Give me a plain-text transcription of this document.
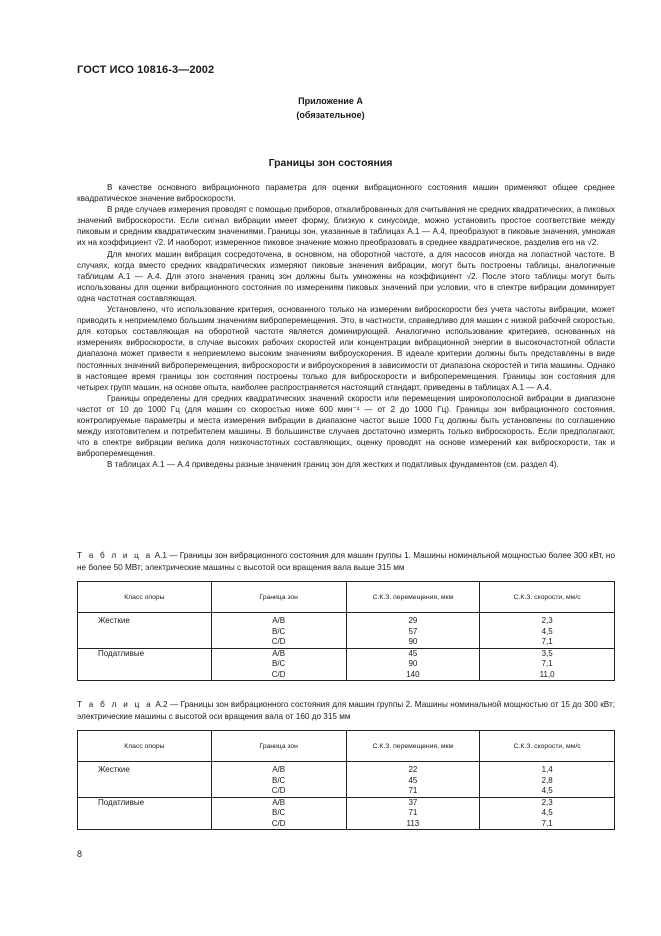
ГОСТ ИСО 10816-3—2002
Приложение А
(обязательное)
Границы зон состояния

В качестве основного вибрационного параметра для оценки вибрационного состояния машин применяют общее среднее квадратическое значение виброскорости.

В ряде случаев измерения проводят с помощью приборов, откалиброванных для считывания не средних квадратических, а пиковых значений виброскорости. Если сигнал вибрации имеет форму, близкую к синусоиде, можно установить простое соответствие между пиковым и средним квадратическим значениями. Границы зон, указанные в таблицах А.1 — А.4, преобразуют в пиковые значения, умножая их на коэффициент √2. И наоборот, измеренное пиковое значение можно преобразовать в среднее квадратическое, разделив его на √2.

Для многих машин вибрация сосредоточена, в основном, на оборотной частоте, а для насосов иногда на лопастной частоте. В случаях, когда вместо средних квадратических измеряют пиковые значения вибрации, могут быть построены таблицы, аналогичные таблицам А.1 — А.4. Для этого значения границ зон должны быть умножены на коэффициент √2. После этого таблицы могут быть использованы для оценки вибрационного состояния по измерениям пиковых значений при условии, что в спектре вибрации доминирует одна частотная составляющая.

Установлено, что использование критерия, основанного только на измерении виброскорости без учета частоты вибрации, может приводить к неприемлемо большим значениям виброперемещения. Это, в частности, справедливо для машин с низкой рабочей скоростью, для которых составляющая на оборотной частоте является доминирующей. Аналогично использование критериев, основанных на измерениях виброскорости, в случае высоких рабочих скоростей или концентрации вибрационной энергии в высокочастотной области диапазона может привести к неприемлемо высоким значениям виброускорения. В идеале критерии должны быть представлены в виде постоянных значений виброперемещения, виброскорости и виброускорения в зависимости от диапазона скоростей и типа машины. Однако в настоящее время границы зон состояния построены только для виброскорости и виброперемещения. Границы зон состояния для четырех групп машин, на основе опыта, наиболее распространяется настоящий стандарт, приведены в таблицах А.1 — А.4.

Границы определены для средних квадратических значений скорости или перемещения широкополосной вибрации в диапазоне частот от 10 до 1000 Гц (для машин со скоростью ниже 600 мин⁻¹ — от 2 до 1000 Гц). Границы зон вибрационного состояния, контролируемые параметры и места измерения вибрации в диапазоне частот выше 1000 Гц должны быть установлены по соглашению между изготовителем и потребителем машины. В большинстве случаев достаточно измерять только виброскорость. Если предполагают, что в спектре вибрации велика доля низкочастотных составляющих, оценку проводят на основе измерений как виброскорости, так и виброперемещения.

В таблицах А.1 — А.4 приведены разные значения границ зон для жестких и податливых фундаментов (см. раздел 4).

Т а б л и ц а А.1 — Границы зон вибрационного состояния для машин группы 1. Машины номинальной мощностью более 300 кВт, но не более 50 МВт; электрические машины с высотой оси вращения вала выше 315 мм
Класс опоры	Граница зон	С.К.З. перемещения, мкм	С.К.З. скорости, мм/с
Жесткие	A/B	29	2,3
	B/C	57	4,5
	C/D	90	7,1
Податливые	A/B	45	3,5
	B/C	90	7,1
	C/D	140	11,0
Т а б л и ц а А.2 — Границы зон вибрационного состояния для машин группы 2. Машины номинальной мощностью от 15 до 300 кВт; электрические машины с высотой оси вращения вала от 160 до 315 мм
Класс опоры	Граница зон	С.К.З. перемещения, мкм	С.К.З. скорости, мм/с
Жесткие	A/B	22	1,4
	B/C	45	2,8
	C/D	71	4,5
Податливые	A/B	37	2,3
	B/C	71	4,5
	C/D	113	7,1
8
